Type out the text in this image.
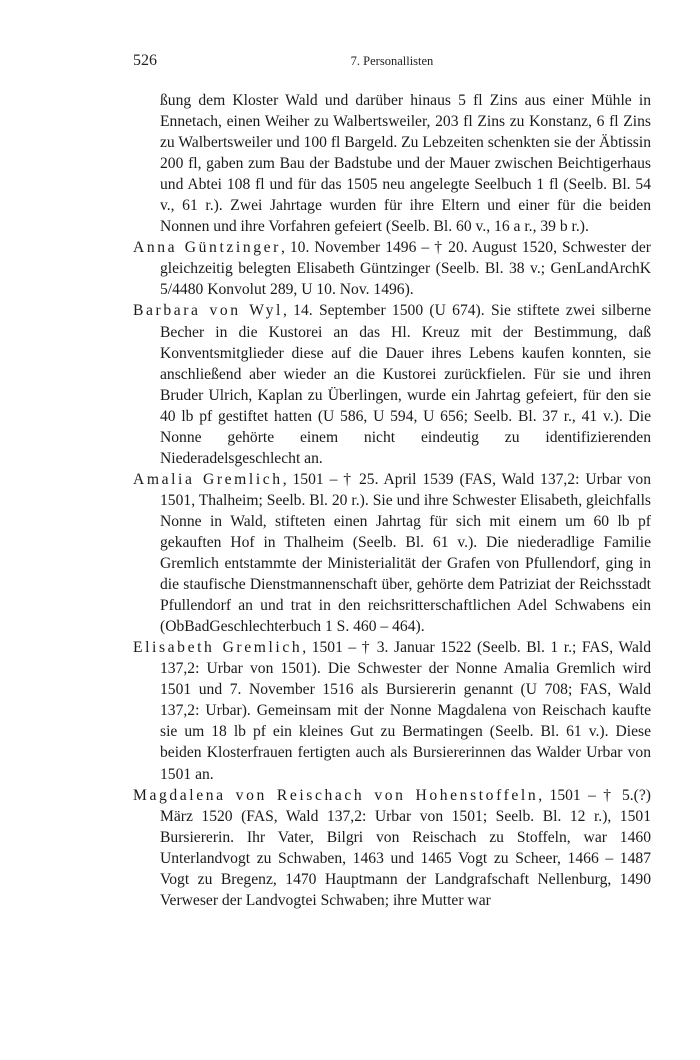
526	7. Personallisten

ßung dem Kloster Wald und darüber hinaus 5 fl Zins aus einer Mühle in Ennetach, einen Weiher zu Walbertsweiler, 203 fl Zins zu Konstanz, 6 fl Zins zu Walbertsweiler und 100 fl Bargeld. Zu Lebzeiten schenkten sie der Äbtissin 200 fl, gaben zum Bau der Badstube und der Mauer zwischen Beichtigerhaus und Abtei 108 fl und für das 1505 neu angelegte Seelbuch 1 fl (Seelb. Bl. 54 v., 61 r.). Zwei Jahrtage wurden für ihre Eltern und einer für die beiden Nonnen und ihre Vorfahren gefeiert (Seelb. Bl. 60 v., 16 a r., 39 b r.).

Anna Güntzinger, 10. November 1496 – † 20. August 1520, Schwester der gleichzeitig belegten Elisabeth Güntzinger (Seelb. Bl. 38 v.; GenLandArchK 5/4480 Konvolut 289, U 10. Nov. 1496).

Barbara von Wyl, 14. September 1500 (U 674). Sie stiftete zwei silberne Becher in die Kustorei an das Hl. Kreuz mit der Bestimmung, daß Konventsmitglieder diese auf die Dauer ihres Lebens kaufen konnten, sie anschließend aber wieder an die Kustorei zurückfielen. Für sie und ihren Bruder Ulrich, Kaplan zu Überlingen, wurde ein Jahrtag gefeiert, für den sie 40 lb pf gestiftet hatten (U 586, U 594, U 656; Seelb. Bl. 37 r., 41 v.). Die Nonne gehörte einem nicht eindeutig zu identifizierenden Niederadelsgeschlecht an.

Amalia Gremlich, 1501 – † 25. April 1539 (FAS, Wald 137,2: Urbar von 1501, Thalheim; Seelb. Bl. 20 r.). Sie und ihre Schwester Elisabeth, gleichfalls Nonne in Wald, stifteten einen Jahrtag für sich mit einem um 60 lb pf gekauften Hof in Thalheim (Seelb. Bl. 61 v.). Die niederadlige Familie Gremlich entstammte der Ministerialität der Grafen von Pfullendorf, ging in die staufische Dienstmannenschaft über, gehörte dem Patriziat der Reichsstadt Pfullendorf an und trat in den reichsritterschaftlichen Adel Schwabens ein (ObBadGeschlechterbuch 1 S. 460 – 464).

Elisabeth Gremlich, 1501 – † 3. Januar 1522 (Seelb. Bl. 1 r.; FAS, Wald 137,2: Urbar von 1501). Die Schwester der Nonne Amalia Gremlich wird 1501 und 7. November 1516 als Bursiererin genannt (U 708; FAS, Wald 137,2: Urbar). Gemeinsam mit der Nonne Magdalena von Reischach kaufte sie um 18 lb pf ein kleines Gut zu Bermatingen (Seelb. Bl. 61 v.). Diese beiden Klosterfrauen fertigten auch als Bursiererinnen das Walder Urbar von 1501 an.

Magdalena von Reischach von Hohenstoffeln, 1501 – † 5.(?) März 1520 (FAS, Wald 137,2: Urbar von 1501; Seelb. Bl. 12 r.), 1501 Bursiererin. Ihr Vater, Bilgri von Reischach zu Stoffeln, war 1460 Unterlandvogt zu Schwaben, 1463 und 1465 Vogt zu Scheer, 1466 – 1487 Vogt zu Bregenz, 1470 Hauptmann der Landgrafschaft Nellenburg, 1490 Verweser der Landvogtei Schwaben; ihre Mutter war
